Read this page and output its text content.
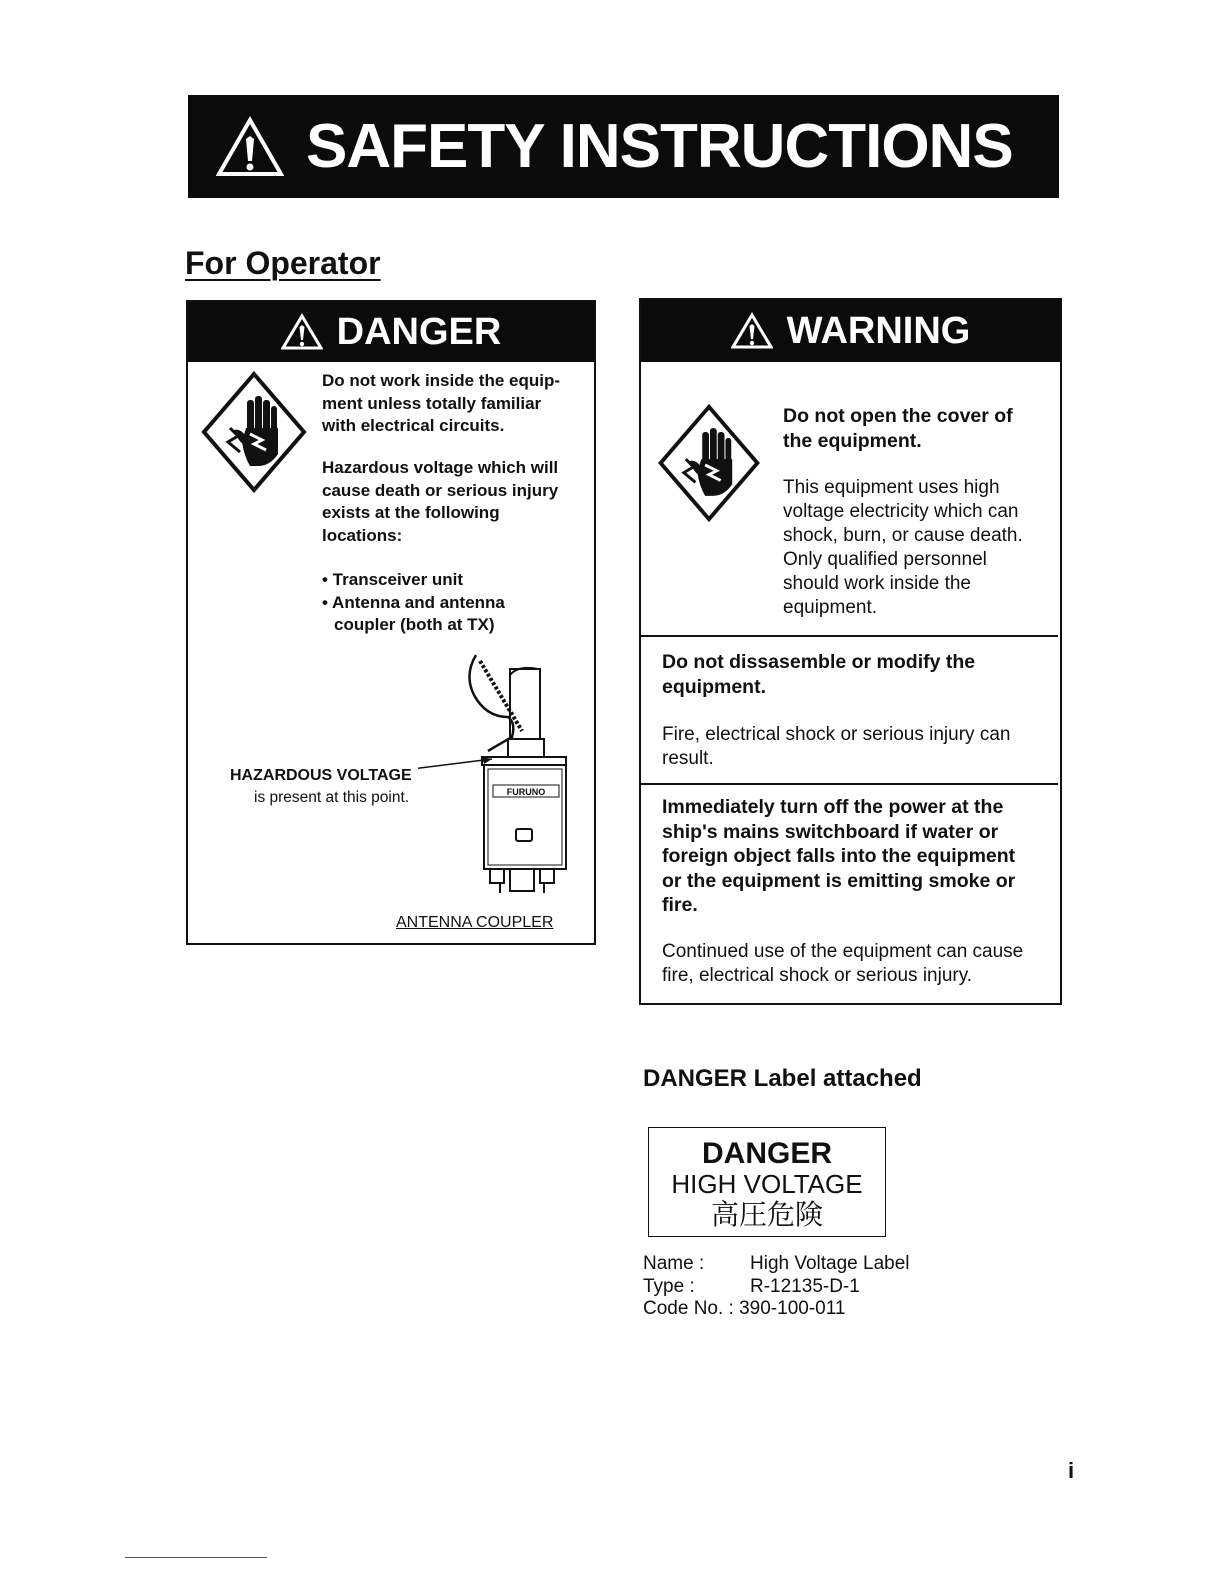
SAFETY INSTRUCTIONS
For Operator
DANGER
Do not work inside the equip-
ment unless totally familiar
with electrical circuits.
Hazardous voltage which will
cause death or serious injury
exists at the following
locations:
• Transceiver unit
• Antenna and antenna
coupler (both at TX)
FURUNO
HAZARDOUS VOLTAGE
is present at this point.
ANTENNA COUPLER
WARNING
Do not open the cover of
the equipment.
This equipment uses high
voltage electricity which can
shock, burn, or cause death.
Only qualified personnel
should work inside the
equipment.
Do not dissasemble or modify the
equipment.
Fire, electrical shock or serious injury can
result.
Immediately turn off the power at the
ship's mains switchboard if water or
foreign object falls into the equipment
or the equipment is emitting smoke or
fire.
Continued use of the equipment can cause
fire, electrical shock or serious injury.
DANGER Label attached
DANGER
HIGH VOLTAGE
高圧危険
Name : High Voltage Label
Type :	R-12135-D-1
Code No. : 390-100-011
i
